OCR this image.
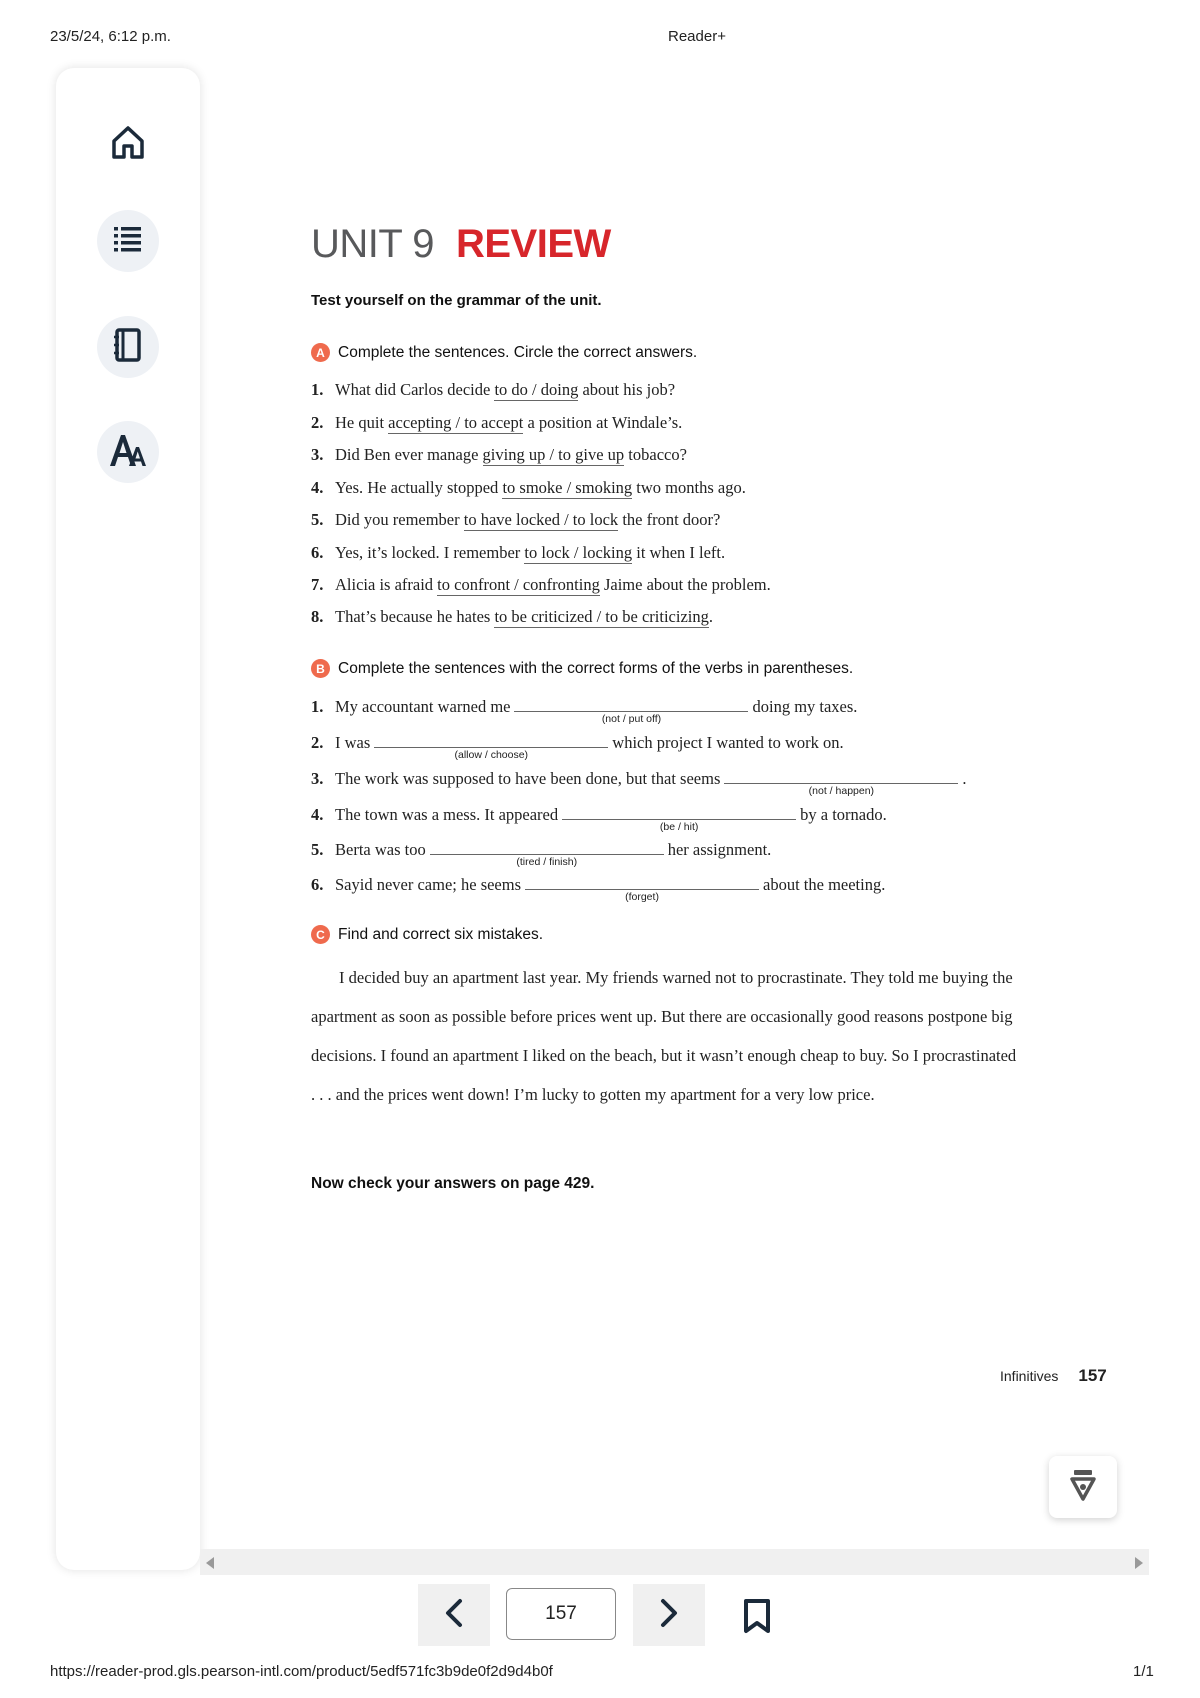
23/5/24, 6:12 p.m.	Reader+
UNIT 9 REVIEW
Test yourself on the grammar of the unit.
A Complete the sentences. Circle the correct answers.
1. What did Carlos decide to do / doing about his job?
2. He quit accepting / to accept a position at Windale’s.
3. Did Ben ever manage giving up / to give up tobacco?
4. Yes. He actually stopped to smoke / smoking two months ago.
5. Did you remember to have locked / to lock the front door?
6. Yes, it’s locked. I remember to lock / locking it when I left.
7. Alicia is afraid to confront / confronting Jaime about the problem.
8. That’s because he hates to be criticized / to be criticizing.
B Complete the sentences with the correct forms of the verbs in parentheses.
1. My accountant warned me
(not / put off)
doing my taxes.
2. I was
(allow / choose)
which project I wanted to work on.
3. The work was supposed to have been done, but that seems
(not / happen)
.
4. The town was a mess. It appeared
(be / hit)
by a tornado.
5. Berta was too
(tired / finish)
her assignment.
6. Sayid never came; he seems
(forget)
about the meeting.
C Find and correct six mistakes.
I decided buy an apartment last year. My friends warned not to procrastinate. They told me buying the apartment as soon as possible before prices went up. But there are occasionally good reasons postpone big decisions. I found an apartment I liked on the beach, but it wasn’t enough cheap to buy. So I procrastinated . . . and the prices went down! I’m lucky to gotten my apartment for a very low price.
Now check your answers on page 429.
Infinitives 157
157
https://reader-prod.gls.pearson-intl.com/product/5edf571fc3b9de0f2d9d4b0f	1/1
